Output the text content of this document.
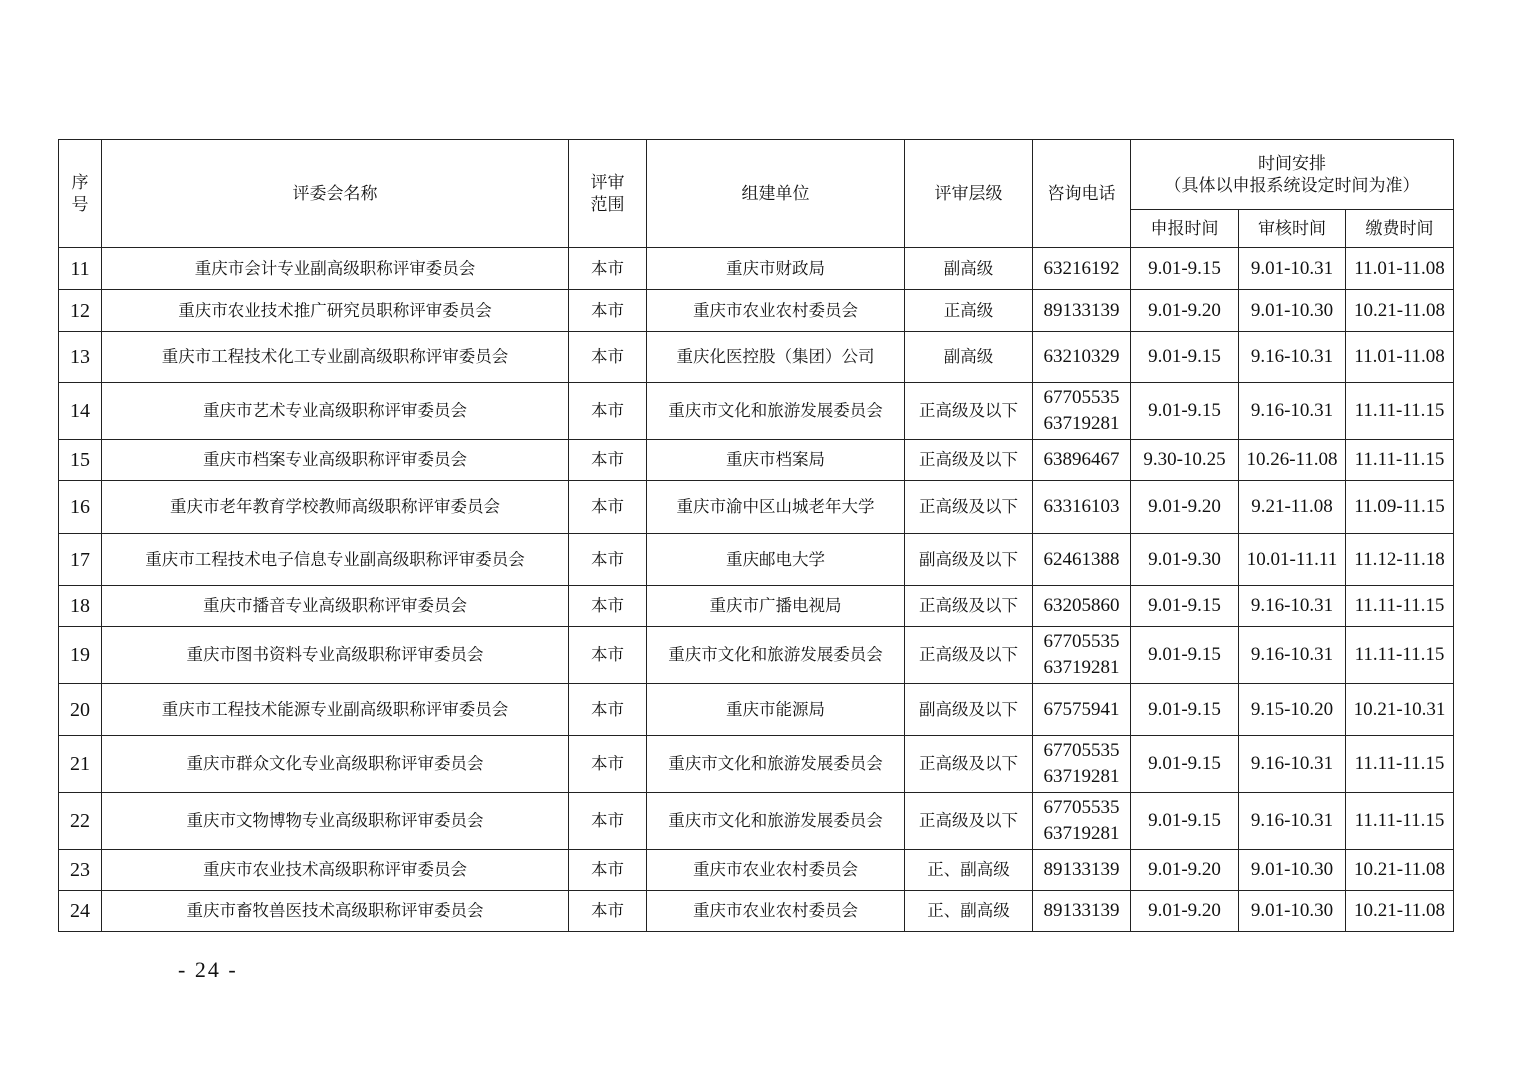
序号	评委会名称	评审范围	组建单位	评审层级	咨询电话	时间安排
（具体以申报系统设定时间为准）		

						申报时间	审核时间	缴费时间
11	重庆市会计专业副高级职称评审委员会	本市	重庆市财政局	副高级	63216192	9.01-9.15	9.01-10.31	11.01-11.08
12	重庆市农业技术推广研究员职称评审委员会	本市	重庆市农业农村委员会	正高级	89133139	9.01-9.20	9.01-10.30	10.21-11.08
13	重庆市工程技术化工专业副高级职称评审委员会	本市	重庆化医控股（集团）公司	副高级	63210329	9.01-9.15	9.16-10.31	11.01-11.08
14	重庆市艺术专业高级职称评审委员会	本市	重庆市文化和旅游发展委员会	正高级及以下	67705535
63719281	9.01-9.15	9.16-10.31	11.11-11.15
15	重庆市档案专业高级职称评审委员会	本市	重庆市档案局	正高级及以下	63896467	9.30-10.25	10.26-11.08	11.11-11.15
16	重庆市老年教育学校教师高级职称评审委员会	本市	重庆市渝中区山城老年大学	正高级及以下	63316103	9.01-9.20	9.21-11.08	11.09-11.15
17	重庆市工程技术电子信息专业副高级职称评审委员会	本市	重庆邮电大学	副高级及以下	62461388	9.01-9.30	10.01-11.11	11.12-11.18
18	重庆市播音专业高级职称评审委员会	本市	重庆市广播电视局	正高级及以下	63205860	9.01-9.15	9.16-10.31	11.11-11.15
19	重庆市图书资料专业高级职称评审委员会	本市	重庆市文化和旅游发展委员会	正高级及以下	67705535
63719281	9.01-9.15	9.16-10.31	11.11-11.15
20	重庆市工程技术能源专业副高级职称评审委员会	本市	重庆市能源局	副高级及以下	67575941	9.01-9.15	9.15-10.20	10.21-10.31
21	重庆市群众文化专业高级职称评审委员会	本市	重庆市文化和旅游发展委员会	正高级及以下	67705535
63719281	9.01-9.15	9.16-10.31	11.11-11.15
22	重庆市文物博物专业高级职称评审委员会	本市	重庆市文化和旅游发展委员会	正高级及以下	67705535
63719281	9.01-9.15	9.16-10.31	11.11-11.15
23	重庆市农业技术高级职称评审委员会	本市	重庆市农业农村委员会	正、副高级	89133139	9.01-9.20	9.01-10.30	10.21-11.08
24	重庆市畜牧兽医技术高级职称评审委员会	本市	重庆市农业农村委员会	正、副高级	89133139	9.01-9.20	9.01-10.30	10.21-11.08
- 24 -
